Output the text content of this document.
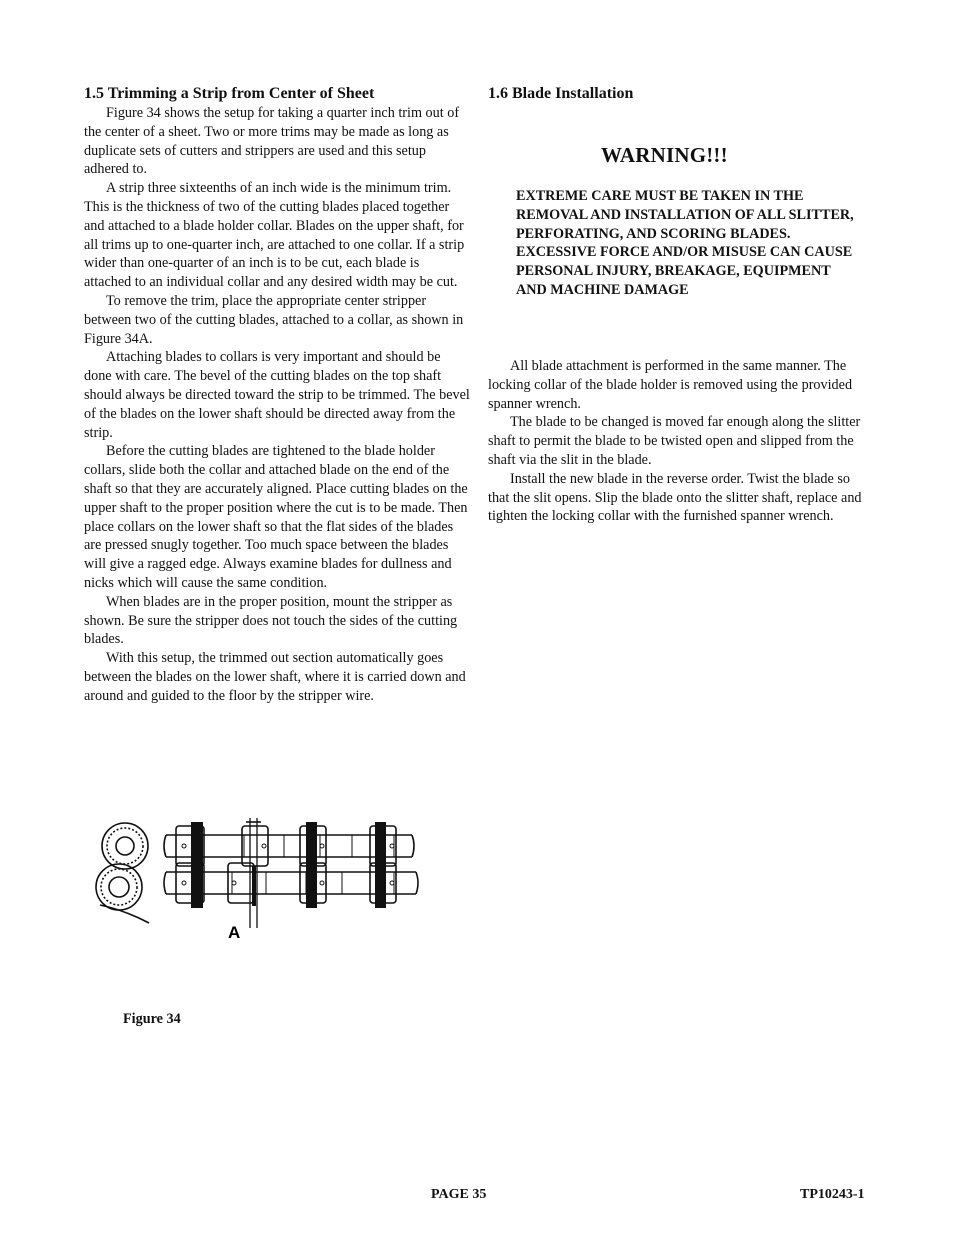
1.5 Trimming a Strip from Center of Sheet

Figure 34 shows the setup for taking a quarter inch trim out of the center of a sheet. Two or more trims may be made as long as duplicate sets of cutters and strippers are used and this setup adhered to.

A strip three sixteenths of an inch wide is the minimum trim. This is the thickness of two of the cutting blades placed together and attached to a blade holder collar. Blades on the upper shaft, for all trims up to one-quarter inch, are attached to one collar. If a strip wider than one-quarter of an inch is to be cut, each blade is attached to an individual collar and any desired width may be cut.

To remove the trim, place the appropriate center stripper between two of the cutting blades, attached to a collar, as shown in Figure 34A.

Attaching blades to collars is very important and should be done with care. The bevel of the cutting blades on the top shaft should always be directed toward the strip to be trimmed. The bevel of the blades on the lower shaft should be directed away from the strip.

Before the cutting blades are tightened to the blade holder collars, slide both the collar and attached blade on the end of the shaft so that they are accurately aligned. Place cutting blades on the upper shaft to the proper position where the cut is to be made. Then place collars on the lower shaft so that the flat sides of the blades are pressed snugly together. Too much space between the blades will give a ragged edge. Always examine blades for dullness and nicks which will cause the same condition.

When blades are in the proper position, mount the stripper as shown. Be sure the stripper does not touch the sides of the cutting blades.

With this setup, the trimmed out section automatically goes between the blades on the lower shaft, where it is carried down and around and guided to the floor by the stripper wire.

1.6 Blade Installation
WARNING!!!
EXTREME CARE MUST BE TAKEN IN THE REMOVAL AND INSTALLATION OF ALL SLITTER, PERFORATING, AND SCORING BLADES. EXCESSIVE FORCE AND/OR MISUSE CAN CAUSE PERSONAL INJURY, BREAKAGE, EQUIPMENT AND MACHINE DAMAGE

All blade attachment is performed in the same manner. The locking collar of the blade holder is removed using the provided spanner wrench.

The blade to be changed is moved far enough along the slitter shaft to permit the blade to be twisted open and slipped from the shaft via the slit in the blade.

Install the new blade in the reverse order. Twist the blade so that the slit opens. Slip the blade onto the slitter shaft, replace and tighten the locking collar with the furnished spanner wrench.

A
Figure 34
PAGE 35	TP10243-1
